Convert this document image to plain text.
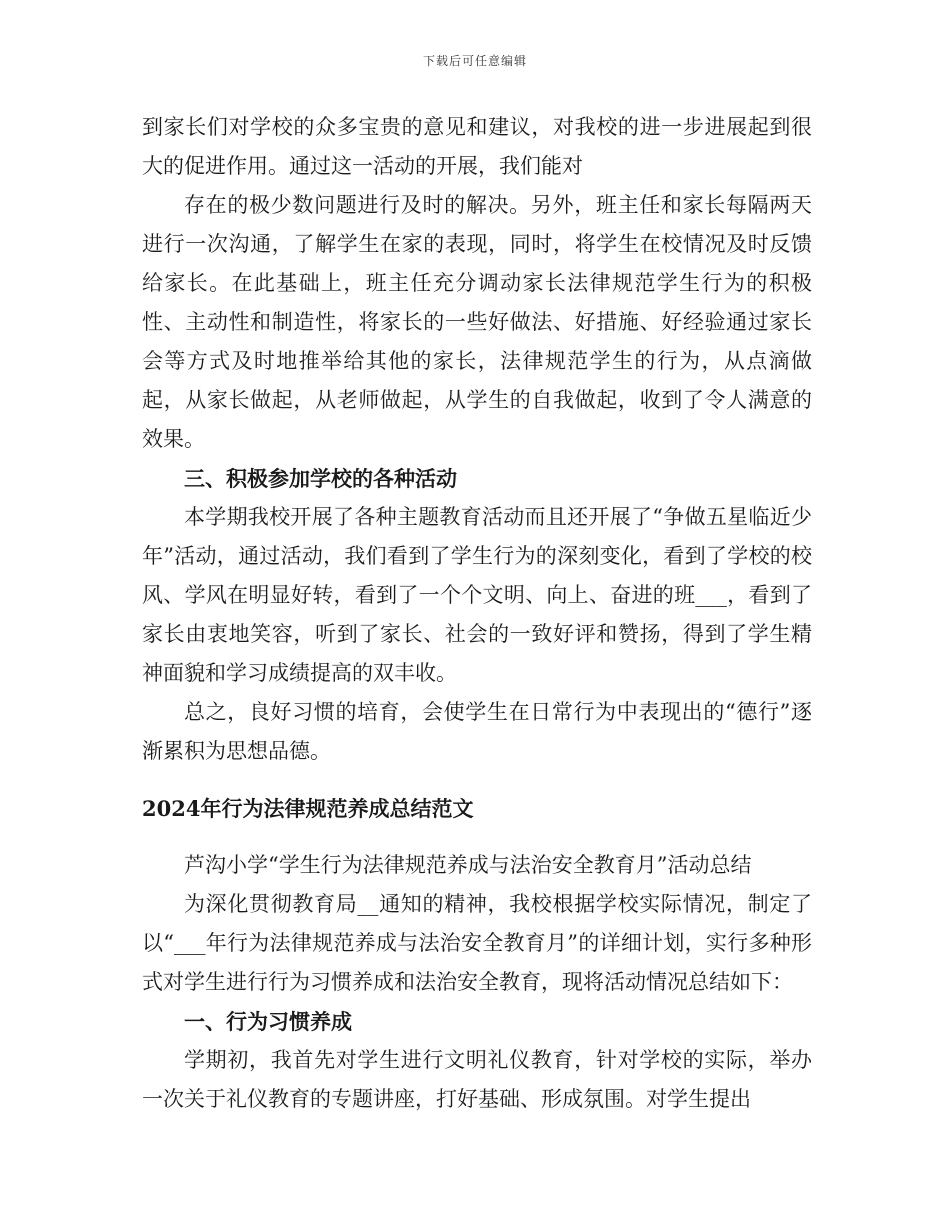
下载后可任意编辑

到家长们对学校的众多宝贵的意见和建议，对我校的进一步进展起到很大的促进作用。通过这一活动的开展，我们能对

存在的极少数问题进行及时的解决。另外，班主任和家长每隔两天进行一次沟通，了解学生在家的表现，同时，将学生在校情况及时反馈给家长。在此基础上，班主任充分调动家长法律规范学生行为的积极性、主动性和制造性，将家长的一些好做法、好措施、好经验通过家长会等方式及时地推举给其他的家长，法律规范学生的行为，从点滴做起，从家长做起，从老师做起，从学生的自我做起，收到了令人满意的效果。

三、积极参加学校的各种活动

本学期我校开展了各种主题教育活动而且还开展了“争做五星临近少年”活动，通过活动，我们看到了学生行为的深刻变化，看到了学校的校风、学风在明显好转，看到了一个个文明、向上、奋进的班___，看到了家长由衷地笑容，听到了家长、社会的一致好评和赞扬，得到了学生精神面貌和学习成绩提高的双丰收。

总之，良好习惯的培育，会使学生在日常行为中表现出的“德行”逐渐累积为思想品德。

2024年行为法律规范养成总结范文

芦沟小学“学生行为法律规范养成与法治安全教育月”活动总结

为深化贯彻教育局__通知的精神，我校根据学校实际情况，制定了以“___年行为法律规范养成与法治安全教育月”的详细计划，实行多种形式对学生进行行为习惯养成和法治安全教育，现将活动情况总结如下：

一、行为习惯养成

学期初，我首先对学生进行文明礼仪教育，针对学校的实际，举办一次关于礼仪教育的专题讲座，打好基础、形成氛围。对学生提出
